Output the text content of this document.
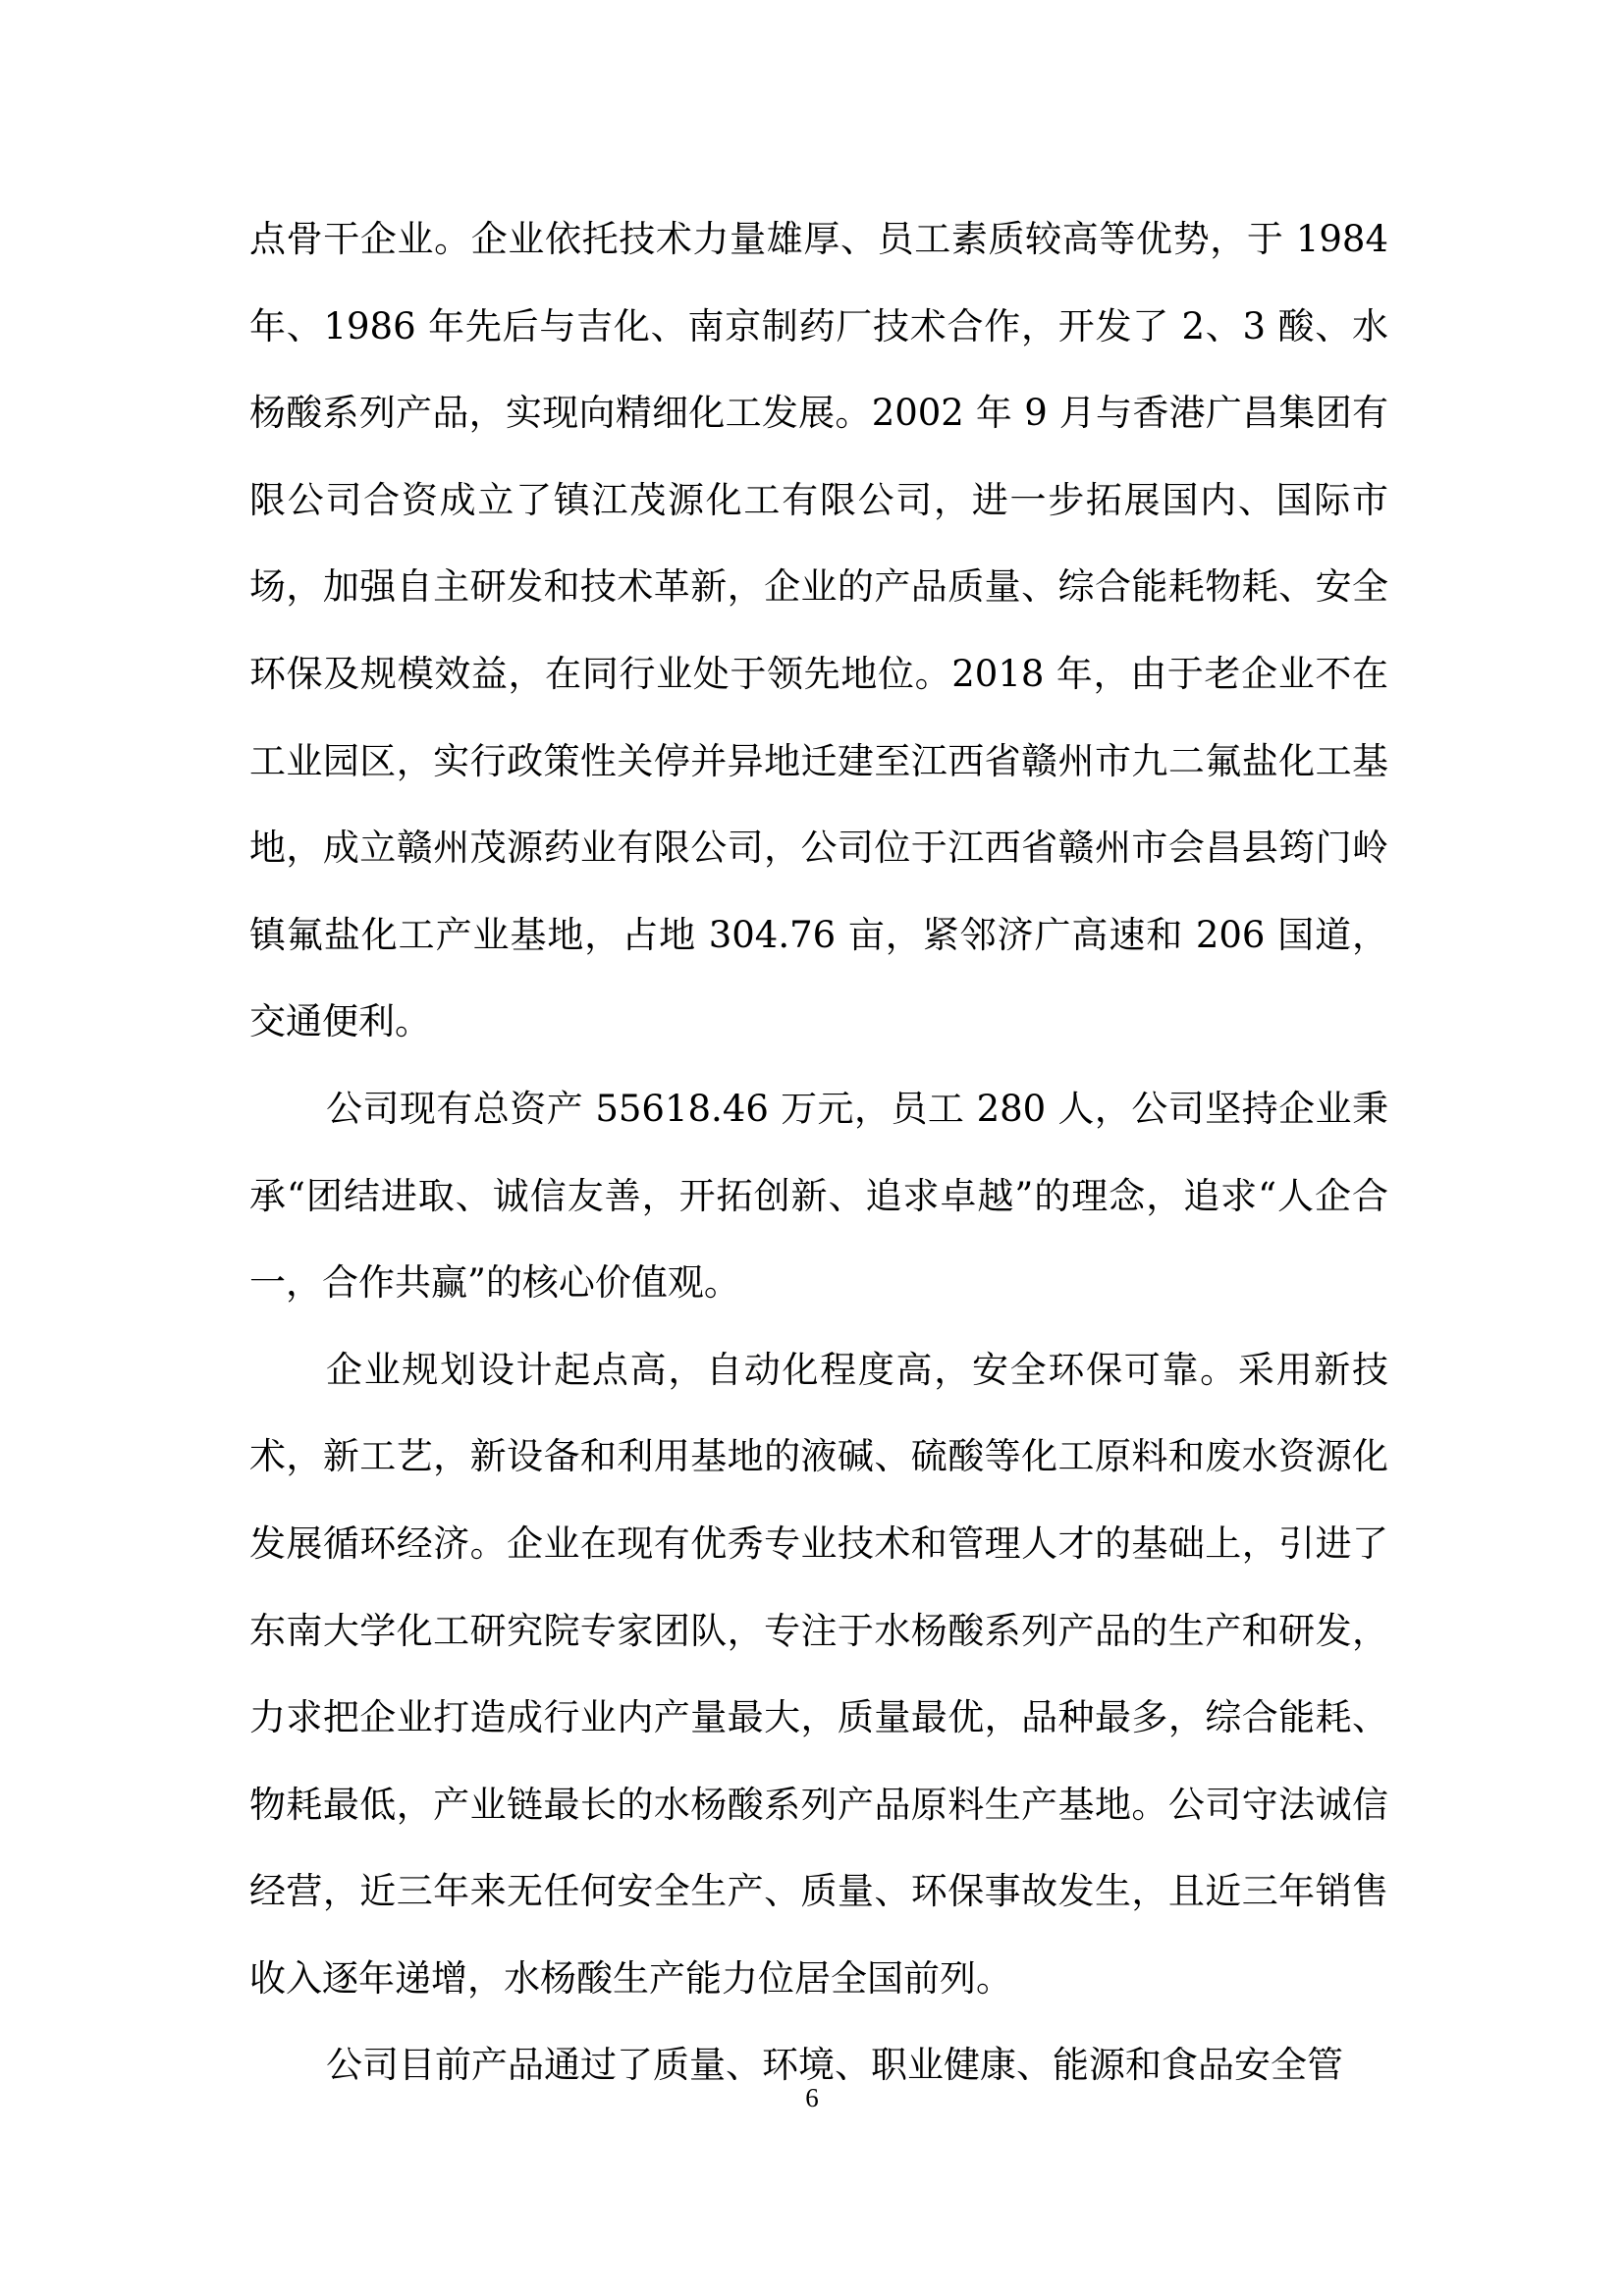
点骨干企业。企业依托技术力量雄厚、员工素质较高等优势，于 1984 年、1986 年先后与吉化、南京制药厂技术合作，开发了 2、3 酸、水杨酸系列产品，实现向精细化工发展。2002 年 9 月与香港广昌集团有限公司合资成立了镇江茂源化工有限公司，进一步拓展国内、国际市场，加强自主研发和技术革新，企业的产品质量、综合能耗物耗、安全环保及规模效益，在同行业处于领先地位。2018 年，由于老企业不在工业园区，实行政策性关停并异地迁建至江西省赣州市九二氟盐化工基地，成立赣州茂源药业有限公司，公司位于江西省赣州市会昌县筠门岭镇氟盐化工产业基地，占地 304.76 亩，紧邻济广高速和 206 国道，交通便利。

公司现有总资产 55618.46 万元，员工 280 人，公司坚持企业秉承“团结进取、诚信友善，开拓创新、追求卓越”的理念，追求“人企合一，合作共赢”的核心价值观。

企业规划设计起点高，自动化程度高，安全环保可靠。采用新技术，新工艺，新设备和利用基地的液碱、硫酸等化工原料和废水资源化发展循环经济。企业在现有优秀专业技术和管理人才的基础上，引进了东南大学化工研究院专家团队，专注于水杨酸系列产品的生产和研发，力求把企业打造成行业内产量最大，质量最优，品种最多，综合能耗、物耗最低，产业链最长的水杨酸系列产品原料生产基地。公司守法诚信经营，近三年来无任何安全生产、质量、环保事故发生，且近三年销售收入逐年递增，水杨酸生产能力位居全国前列。

公司目前产品通过了质量、环境、职业健康、能源和食品安全管

6
